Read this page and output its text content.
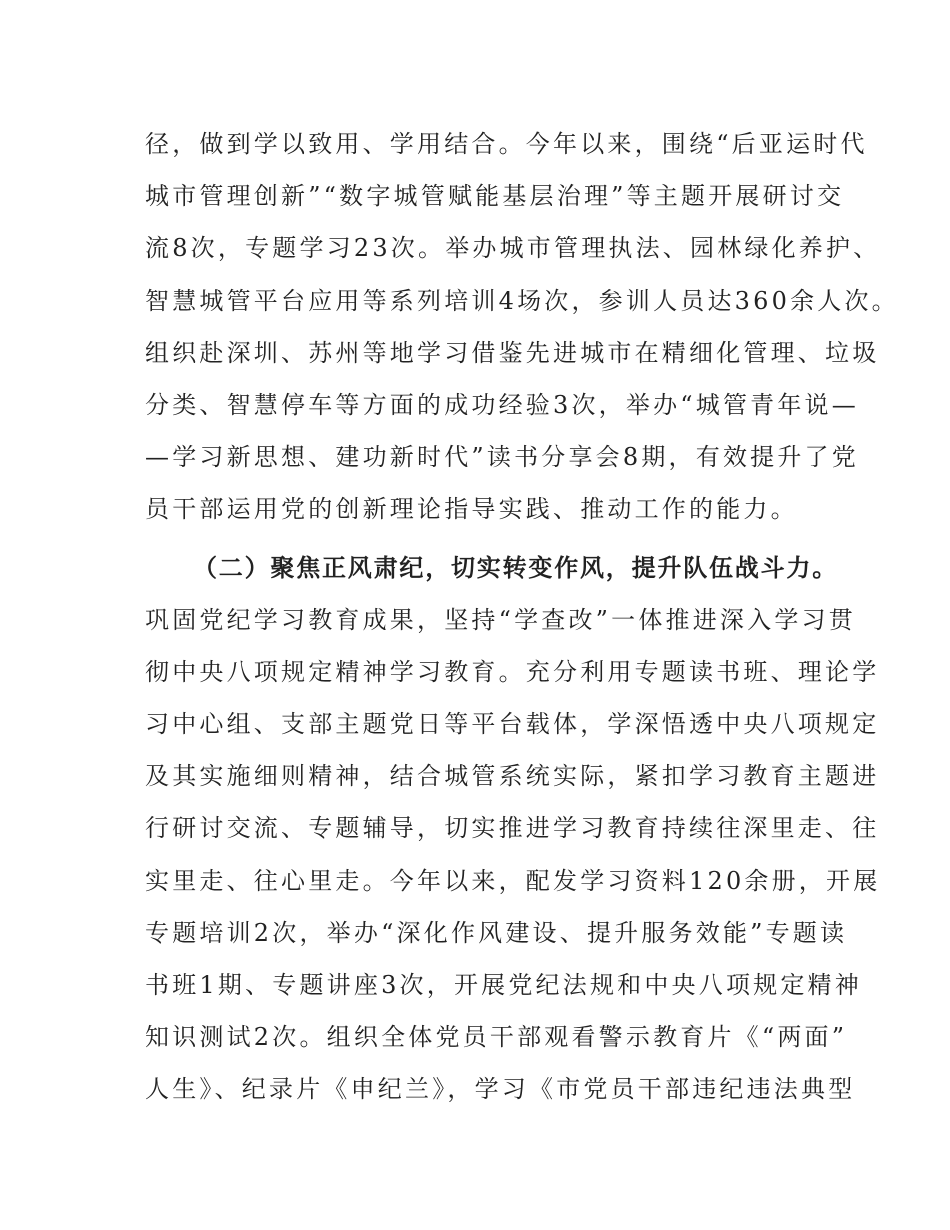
径，做到学以致用、学用结合。今年以来，围绕“后亚运时代
城市管理创新”“数字城管赋能基层治理”等主题开展研讨交
流8次，专题学习23次。举办城市管理执法、园林绿化养护、
智慧城管平台应用等系列培训4场次，参训人员达360余人次。
组织赴深圳、苏州等地学习借鉴先进城市在精细化管理、垃圾
分类、智慧停车等方面的成功经验3次，举办“城管青年说—
—学习新思想、建功新时代”读书分享会8期，有效提升了党
员干部运用党的创新理论指导实践、推动工作的能力。
（二）聚焦正风肃纪，切实转变作风，提升队伍战斗力。
巩固党纪学习教育成果，坚持“学查改”一体推进深入学习贯
彻中央八项规定精神学习教育。充分利用专题读书班、理论学
习中心组、支部主题党日等平台载体，学深悟透中央八项规定
及其实施细则精神，结合城管系统实际，紧扣学习教育主题进
行研讨交流、专题辅导，切实推进学习教育持续往深里走、往
实里走、往心里走。今年以来，配发学习资料120余册，开展
专题培训2次，举办“深化作风建设、提升服务效能”专题读
书班1期、专题讲座3次，开展党纪法规和中央八项规定精神
知识测试2次。组织全体党员干部观看警示教育片《“两面”
人生》、纪录片《申纪兰》，学习《市党员干部违纪违法典型
